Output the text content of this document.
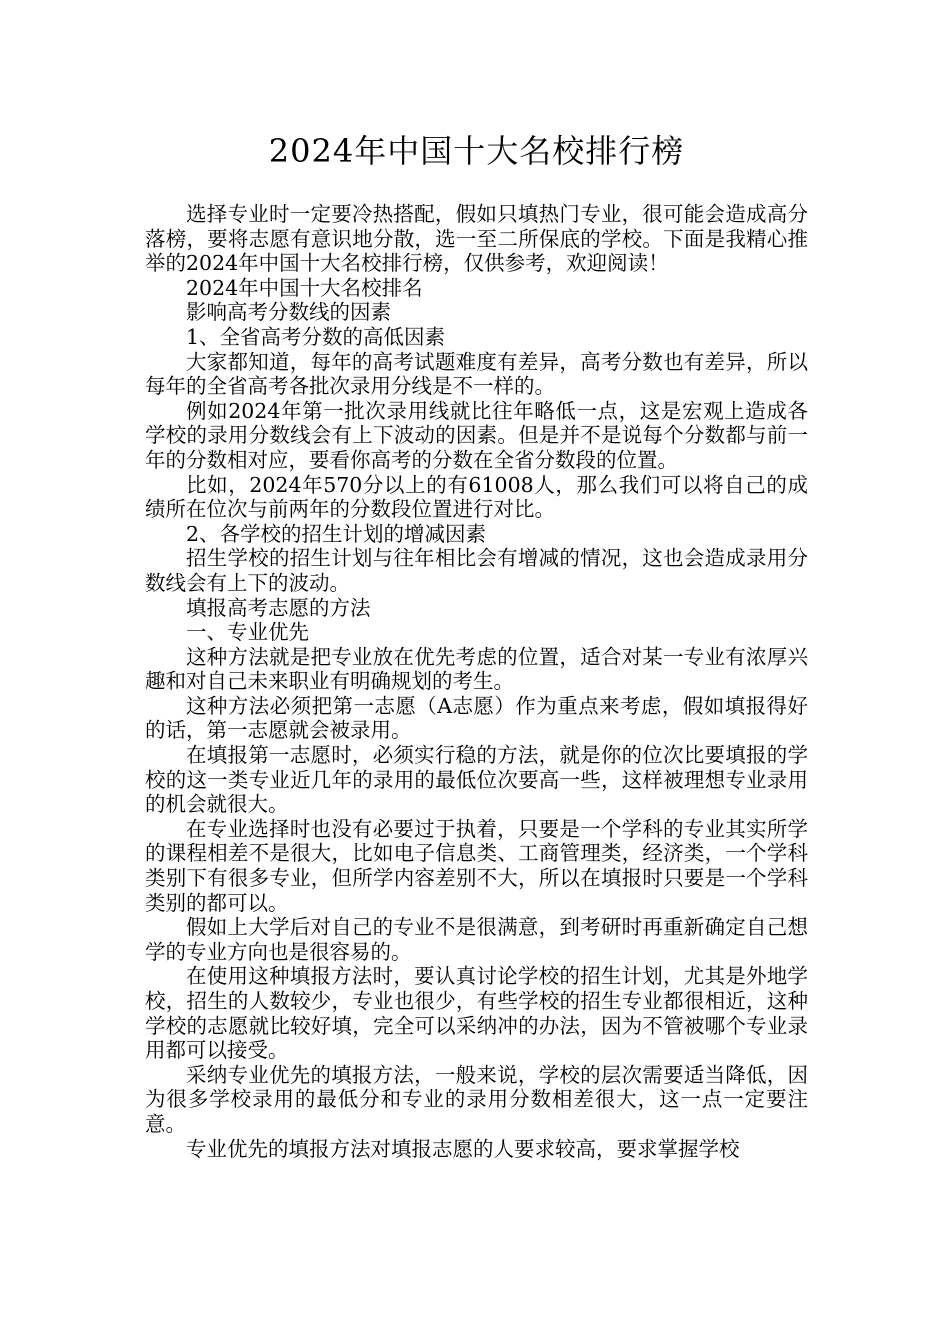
2024年中国十大名校排行榜

选择专业时一定要冷热搭配，假如只填热门专业，很可能会造成高分落榜，要将志愿有意识地分散，选一至二所保底的学校。下面是我精心推举的2024年中国十大名校排行榜，仅供参考，欢迎阅读！

2024年中国十大名校排名

影响高考分数线的因素

1、全省高考分数的高低因素

大家都知道，每年的高考试题难度有差异，高考分数也有差异，所以每年的全省高考各批次录用分线是不一样的。

例如2024年第一批次录用线就比往年略低一点，这是宏观上造成各学校的录用分数线会有上下波动的因素。但是并不是说每个分数都与前一年的分数相对应，要看你高考的分数在全省分数段的位置。

比如，2024年570分以上的有61008人，那么我们可以将自己的成绩所在位次与前两年的分数段位置进行对比。

2、各学校的招生计划的增减因素

招生学校的招生计划与往年相比会有增减的情况，这也会造成录用分数线会有上下的波动。

填报高考志愿的方法

一、专业优先

这种方法就是把专业放在优先考虑的位置，适合对某一专业有浓厚兴趣和对自己未来职业有明确规划的考生。

这种方法必须把第一志愿（A志愿）作为重点来考虑，假如填报得好的话，第一志愿就会被录用。

在填报第一志愿时，必须实行稳的方法，就是你的位次比要填报的学校的这一类专业近几年的录用的最低位次要高一些，这样被理想专业录用的机会就很大。

在专业选择时也没有必要过于执着，只要是一个学科的专业其实所学的课程相差不是很大，比如电子信息类、工商管理类，经济类，一个学科类别下有很多专业，但所学内容差别不大，所以在填报时只要是一个学科类别的都可以。

假如上大学后对自己的专业不是很满意，到考研时再重新确定自己想学的专业方向也是很容易的。

在使用这种填报方法时，要认真讨论学校的招生计划，尤其是外地学校，招生的人数较少，专业也很少，有些学校的招生专业都很相近，这种学校的志愿就比较好填，完全可以采纳冲的办法，因为不管被哪个专业录用都可以接受。

采纳专业优先的填报方法，一般来说，学校的层次需要适当降低，因为很多学校录用的最低分和专业的录用分数相差很大，这一点一定要注意。

专业优先的填报方法对填报志愿的人要求较高，要求掌握学校
